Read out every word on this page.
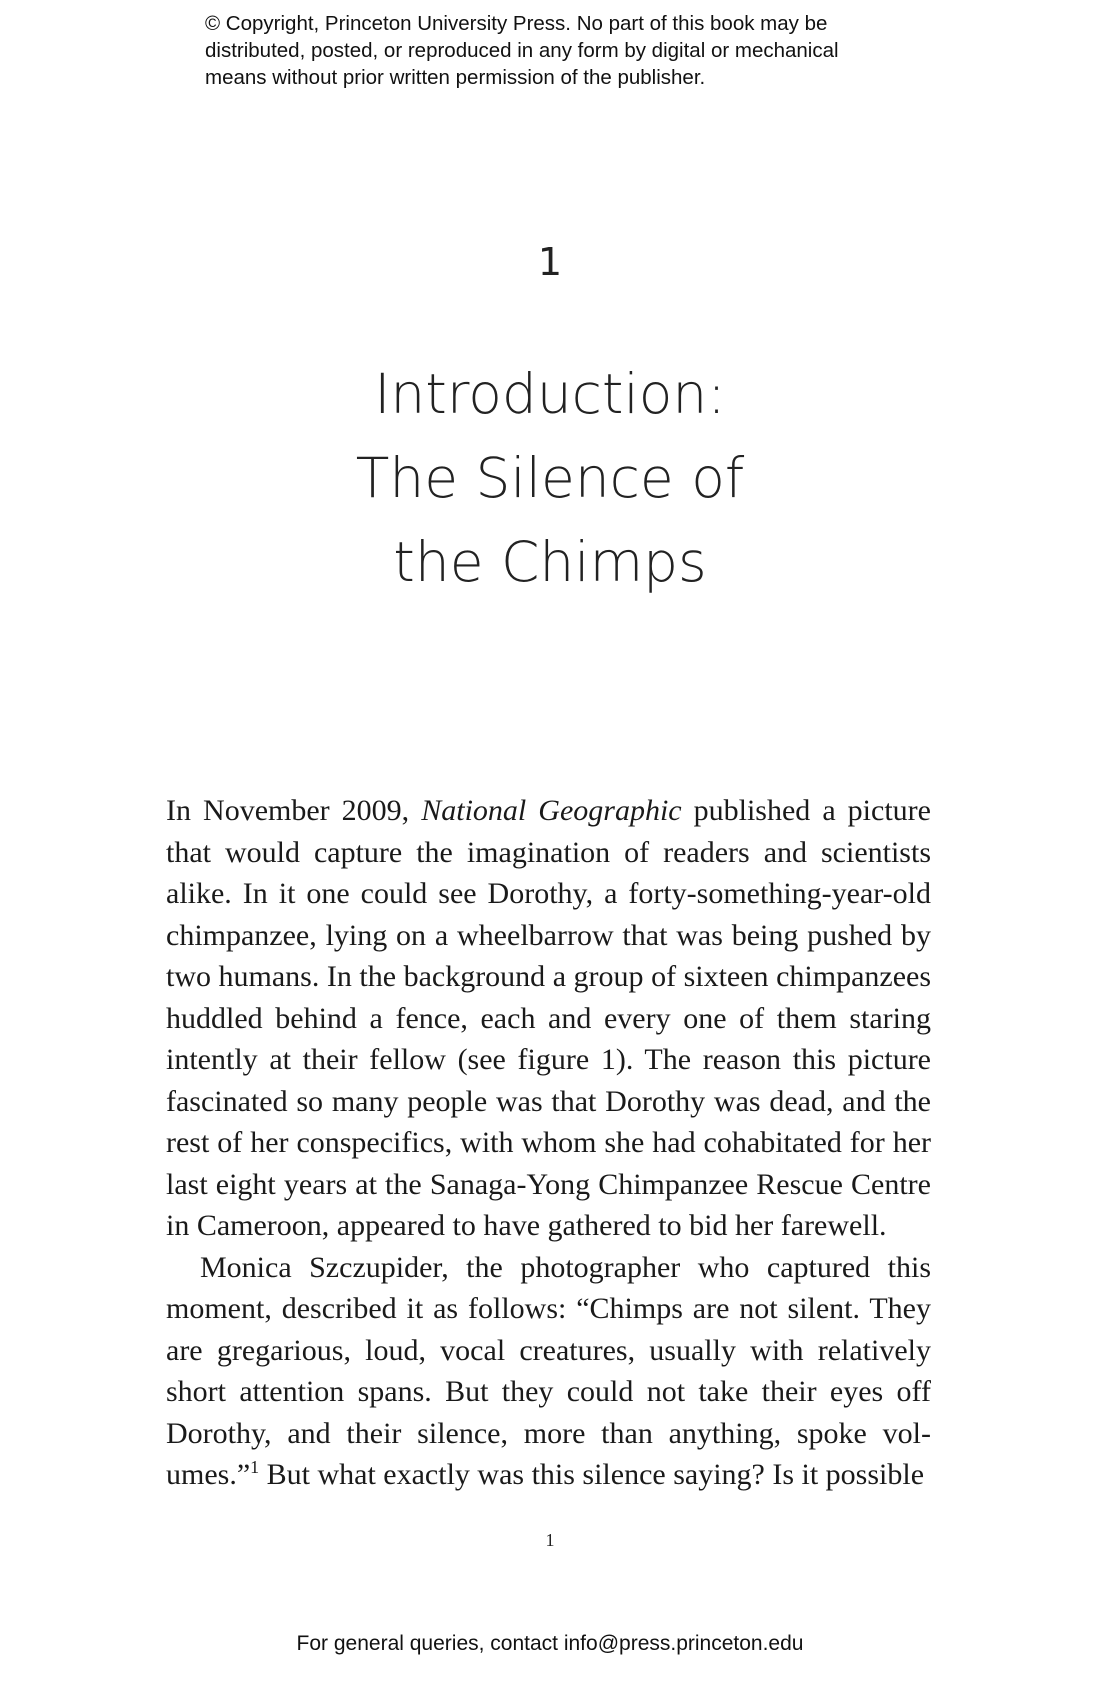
© Copyright, Princeton University Press. No part of this book may be
distributed, posted, or reproduced in any form by digital or mechanical
means without prior written permission of the publisher.
1
Introduction:
The Silence of
the Chimps

In November 2009, National Geographic published a picture that would capture the imagination of readers and scientists alike. In it one could see Dorothy, a forty-something-year-old chimpanzee, lying on a wheelbarrow that was being pushed by two humans. In the background a group of sixteen chimpanzees huddled behind a fence, each and every one of them staring intently at their fellow (see figure 1). The reason this picture fascinated so many people was that Dorothy was dead, and the rest of her conspecifics, with whom she had cohabitated for her last eight years at the Sanaga-Yong Chimpanzee Rescue Centre in Cameroon, appeared to have gathered to bid her farewell.

Monica Szczupider, the photographer who captured this moment, described it as follows: “Chimps are not silent. They are gregarious, loud, vocal creatures, usually with relatively short attention spans. But they could not take their eyes off Dorothy, and their silence, more than anything, spoke volumes.”$^1$ But what exactly was this silence saying? Is it possible

1
For general queries, contact info@press.princeton.edu
